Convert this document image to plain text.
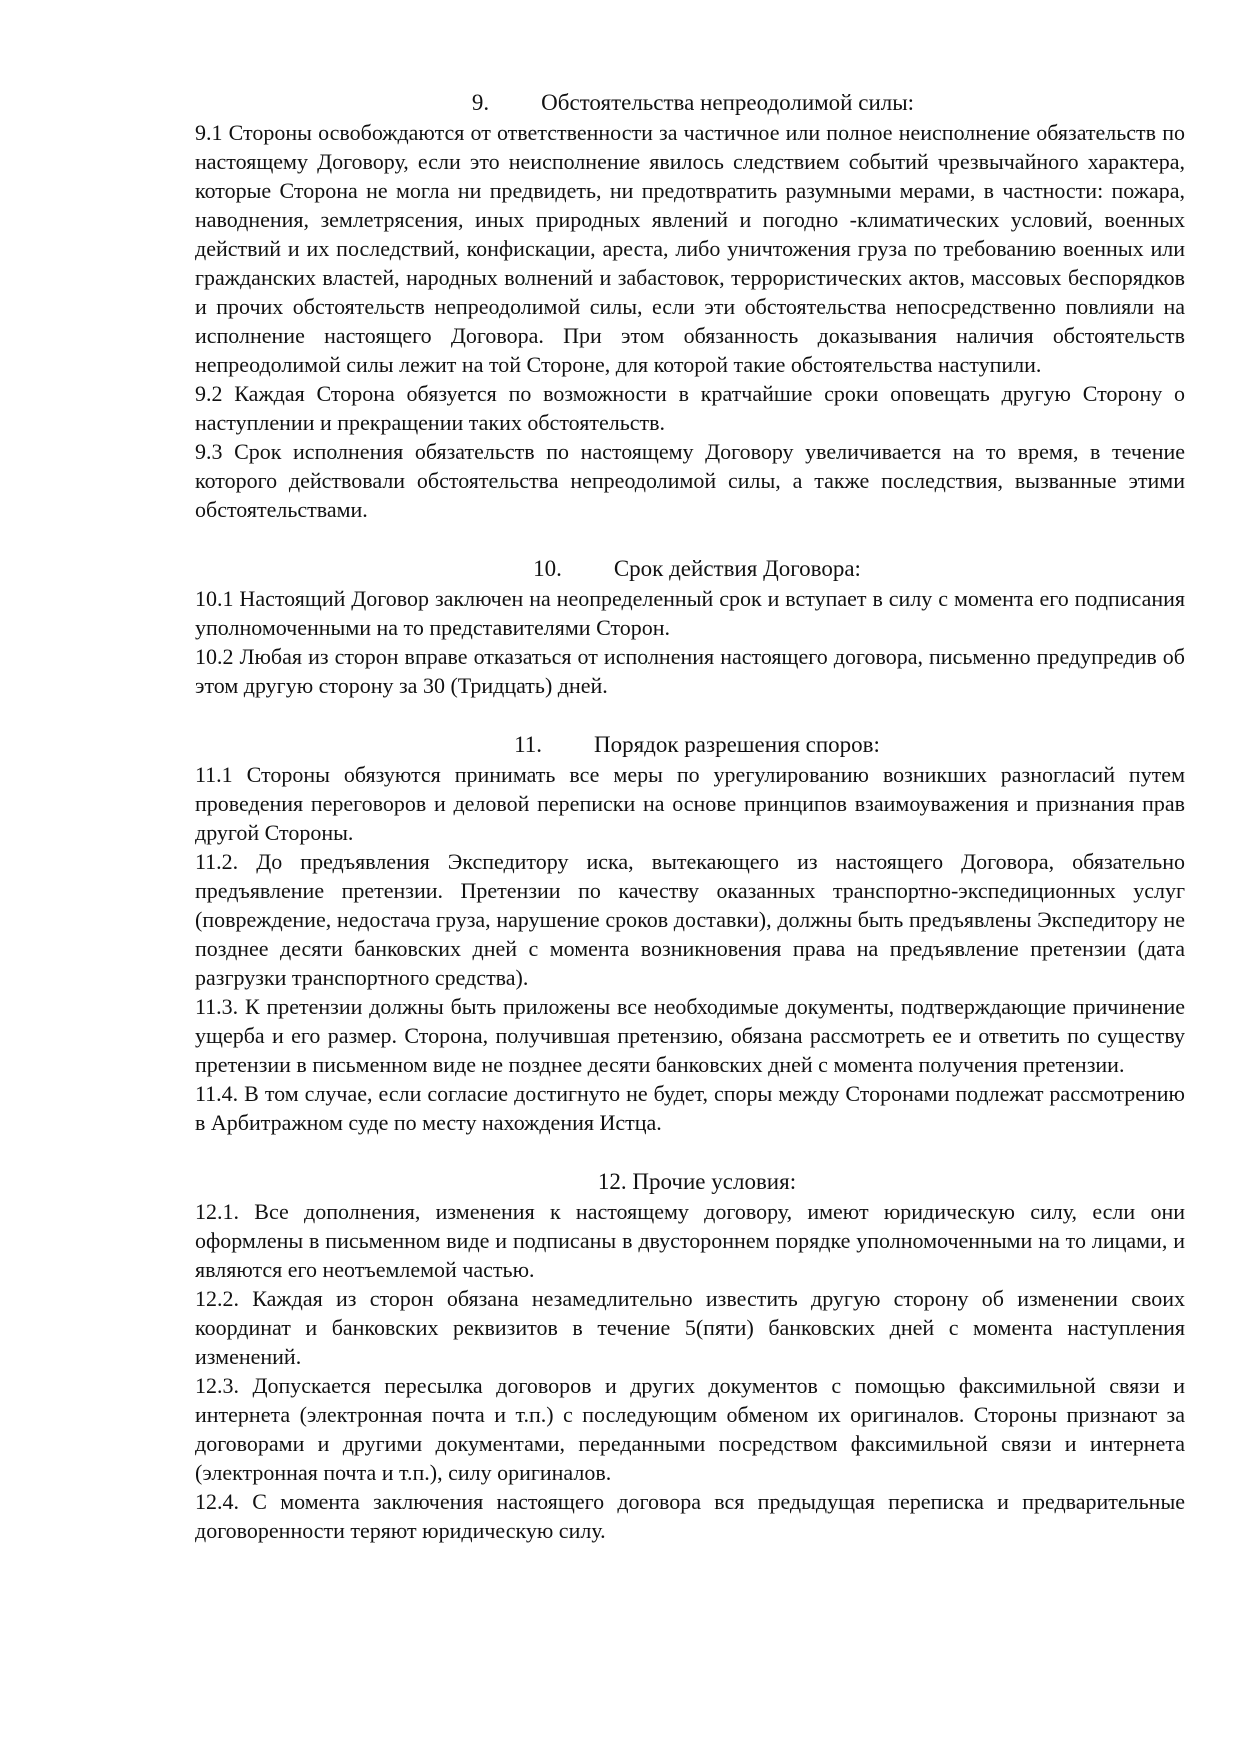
9. Обстоятельства непреодолимой силы:

9.1 Стороны освобождаются от ответственности за частичное или полное неисполнение обязательств по настоящему Договору, если это неисполнение явилось следствием событий чрезвычайного характера, которые Сторона не могла ни предвидеть, ни предотвратить разумными мерами, в частности: пожара, наводнения, землетрясения, иных природных явлений и погодно -климатических условий, военных действий и их последствий, конфискации, ареста, либо уничтожения груза по требованию военных или гражданских властей, народных волнений и забастовок, террористических актов, массовых беспорядков и прочих обстоятельств непреодолимой силы, если эти обстоятельства непосредственно повлияли на исполнение настоящего Договора. При этом обязанность доказывания наличия обстоятельств непреодолимой силы лежит на той Стороне, для которой такие обстоятельства наступили.

9.2 Каждая Сторона обязуется по возможности в кратчайшие сроки оповещать другую Сторону о наступлении и прекращении таких обстоятельств.

9.3 Срок исполнения обязательств по настоящему Договору увеличивается на то время, в течение которого действовали обстоятельства непреодолимой силы, а также последствия, вызванные этими обстоятельствами.

10. Срок действия Договора:

10.1 Настоящий Договор заключен на неопределенный срок и вступает в силу с момента его подписания уполномоченными на то представителями Сторон.

10.2 Любая из сторон вправе отказаться от исполнения настоящего договора, письменно предупредив об этом другую сторону за 30 (Тридцать) дней.

11. Порядок разрешения споров:

11.1 Стороны обязуются принимать все меры по урегулированию возникших разногласий путем проведения переговоров и деловой переписки на основе принципов взаимоуважения и признания прав другой Стороны.

11.2. До предъявления Экспедитору иска, вытекающего из настоящего Договора, обязательно предъявление претензии. Претензии по качеству оказанных транспортно-экспедиционных услуг (повреждение, недостача груза, нарушение сроков доставки), должны быть предъявлены Экспедитору не позднее десяти банковских дней с момента возникновения права на предъявление претензии (дата разгрузки транспортного средства).

11.3. К претензии должны быть приложены все необходимые документы, подтверждающие причинение ущерба и его размер. Сторона, получившая претензию, обязана рассмотреть ее и ответить по существу претензии в письменном виде не позднее десяти банковских дней с момента получения претензии.

11.4. В том случае, если согласие достигнуто не будет, споры между Сторонами подлежат рассмотрению в Арбитражном суде по месту нахождения Истца.

12. Прочие условия:

12.1. Все дополнения, изменения к настоящему договору, имеют юридическую силу, если они оформлены в письменном виде и подписаны в двустороннем порядке уполномоченными на то лицами, и являются его неотъемлемой частью.

12.2. Каждая из сторон обязана незамедлительно известить другую сторону об изменении своих координат и банковских реквизитов в течение 5(пяти) банковских дней с момента наступления изменений.

12.3. Допускается пересылка договоров и других документов с помощью факсимильной связи и интернета (электронная почта и т.п.) с последующим обменом их оригиналов. Стороны признают за договорами и другими документами, переданными посредством факсимильной связи и интернета (электронная почта и т.п.), силу оригиналов.

12.4. С момента заключения настоящего договора вся предыдущая переписка и предварительные договоренности теряют юридическую силу.
